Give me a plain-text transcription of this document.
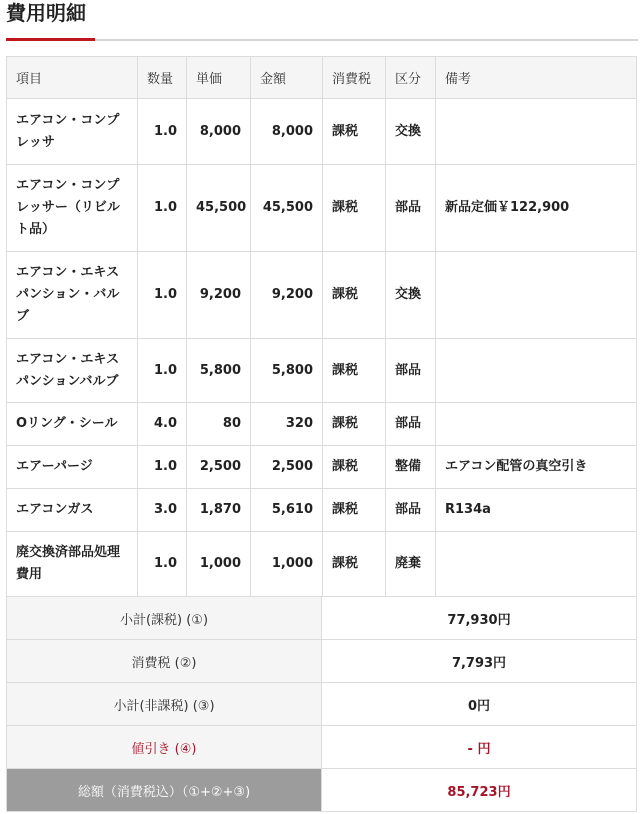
費用明細
項目	数量	単価	金額	消費税	区分	備考
エアコン・コンプレッサ	1.0	8,000	8,000	課税	交換	
エアコン・コンプレッサー（リビルト品）	1.0	45,500	45,500	課税	部品	新品定価￥122,900
エアコン・エキスパンション・バルブ	1.0	9,200	9,200	課税	交換	
エアコン・エキスパンションバルブ	1.0	5,800	5,800	課税	部品	
Oリング・シール	4.0	80	320	課税	部品	
エアーパージ	1.0	2,500	2,500	課税	整備	エアコン配管の真空引き
エアコンガス	3.0	1,870	5,610	課税	部品	R134a
廃交換済部品処理費用	1.0	1,000	1,000	課税	廃棄	
小計(課税) (①)	77,930円
消費税 (②)	7,793円
小計(非課税) (③)	0円
値引き (④)	- 円
総額（消費税込）（①+②+③)	85,723円
